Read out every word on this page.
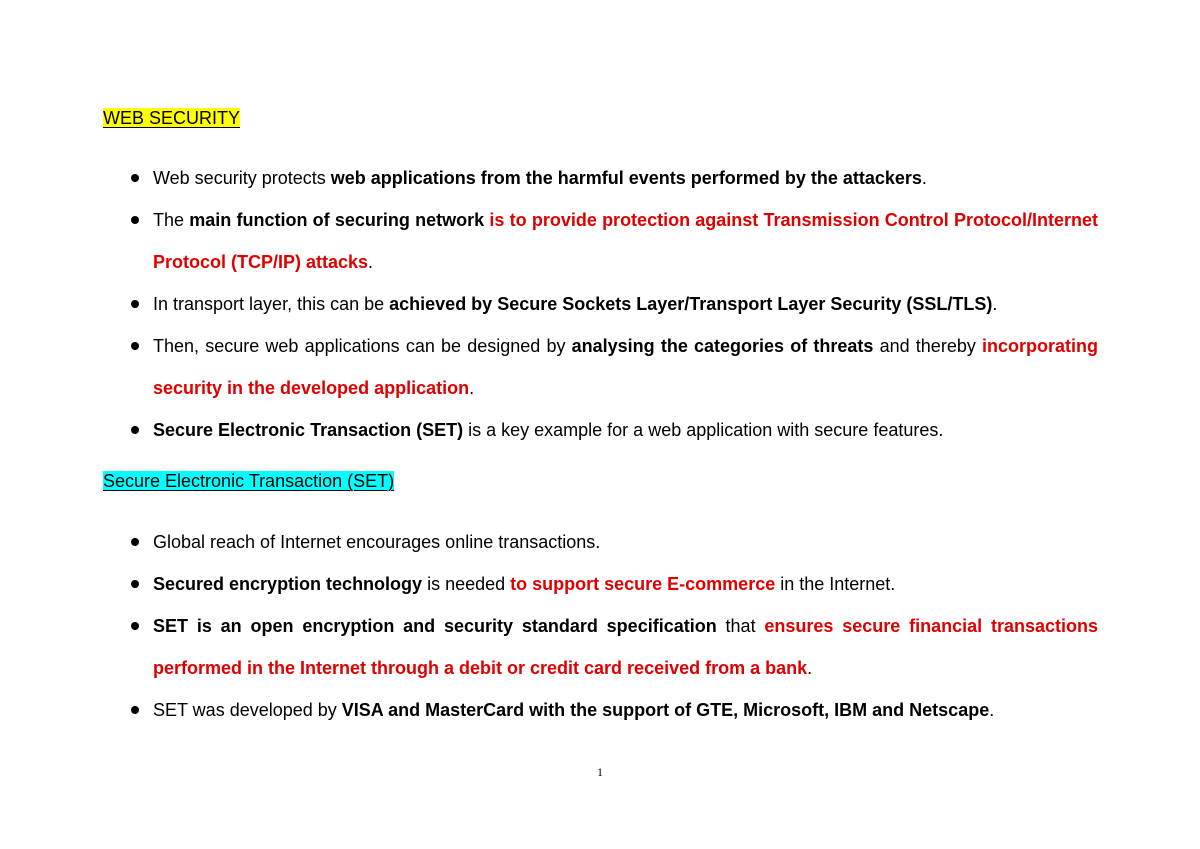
WEB SECURITY
Web security protects web applications from the harmful events performed by the attackers.
The main function of securing network is to provide protection against Transmission Control Protocol/Internet Protocol (TCP/IP) attacks.
In transport layer, this can be achieved by Secure Sockets Layer/Transport Layer Security (SSL/TLS).
Then, secure web applications can be designed by analysing the categories of threats and thereby incorporating security in the developed application.
Secure Electronic Transaction (SET) is a key example for a web application with secure features.
Secure Electronic Transaction (SET)
Global reach of Internet encourages online transactions.
Secured encryption technology is needed to support secure E-commerce in the Internet.
SET is an open encryption and security standard specification that ensures secure financial transactions performed in the Internet through a debit or credit card received from a bank.
SET was developed by VISA and MasterCard with the support of GTE, Microsoft, IBM and Netscape.
1
